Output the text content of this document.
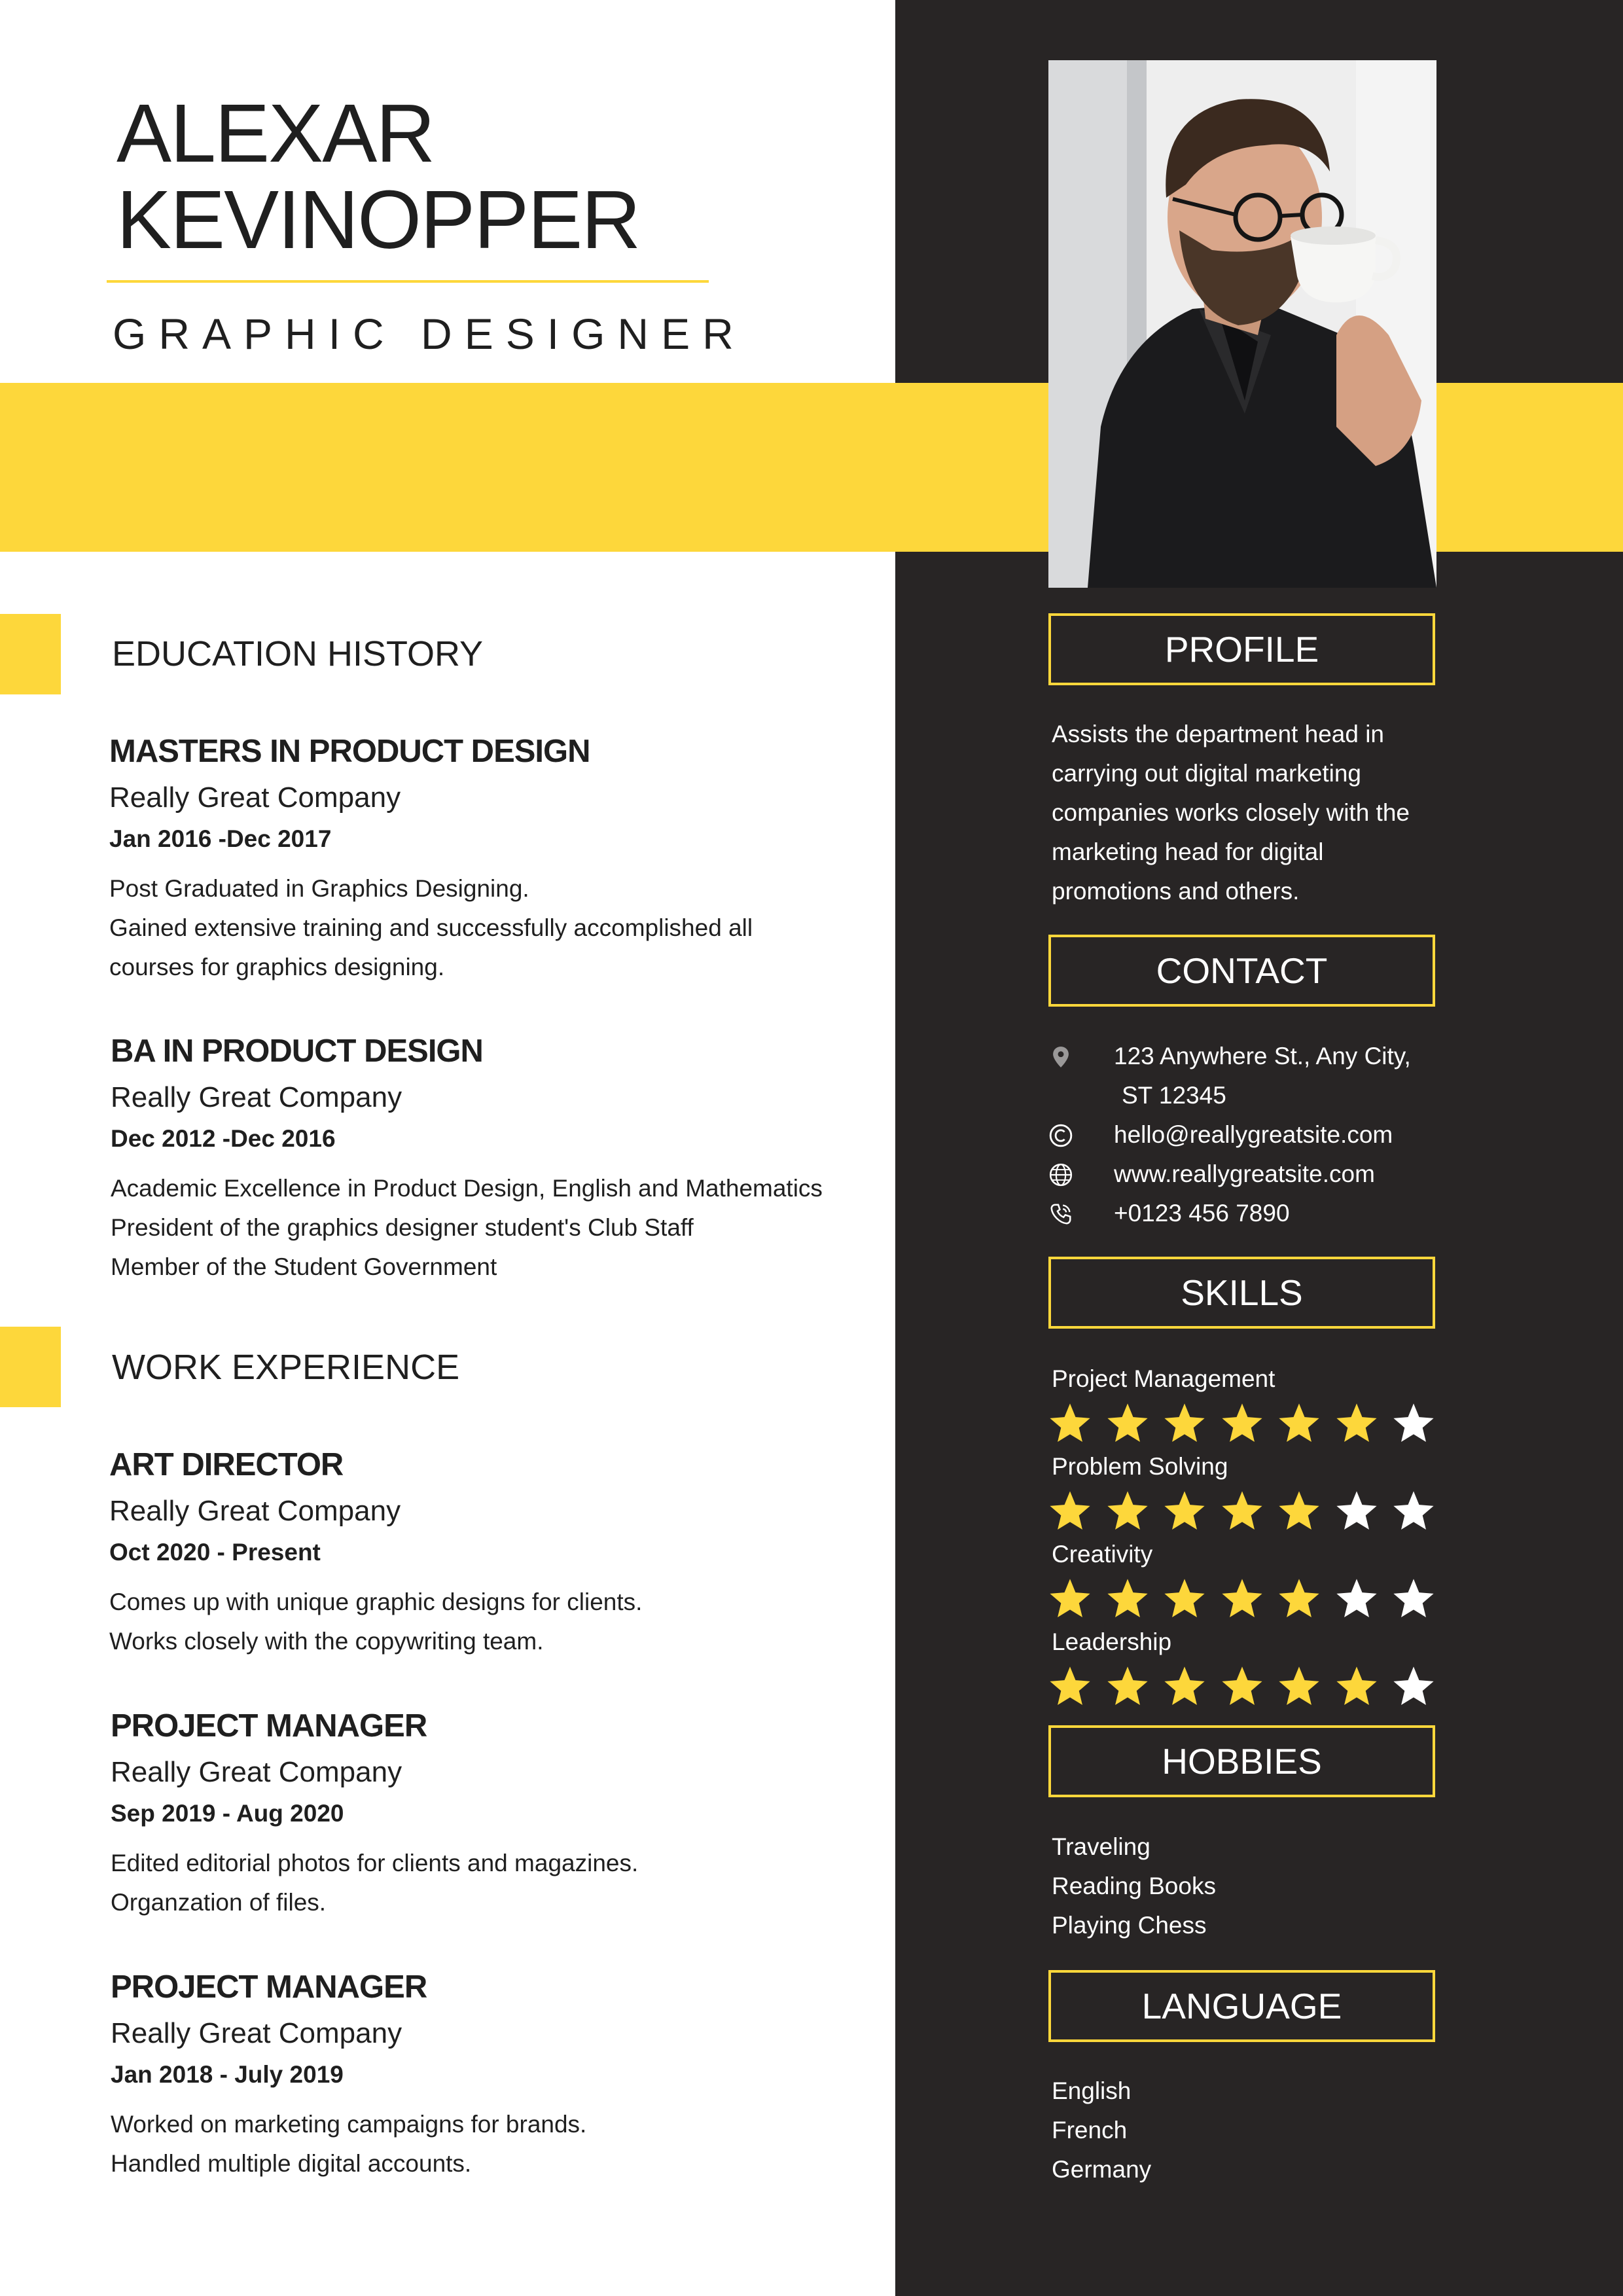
ALEXAR
KEVINOPPER
GRAPHIC DESIGNER
EDUCATION HISTORY
MASTERS IN PRODUCT DESIGN
Really Great Company
Jan 2016 -Dec 2017
Post Graduated in Graphics Designing.
Gained extensive training and successfully accomplished all
courses for graphics designing.
BA IN PRODUCT DESIGN
Really Great Company
Dec 2012 -Dec 2016
Academic Excellence in Product Design, English and Mathematics
President of the graphics designer student's Club Staff
Member of the Student Government
WORK EXPERIENCE
ART DIRECTOR
Really Great Company
Oct 2020 - Present
Comes up with unique graphic designs for clients.
Works closely with the copywriting team.
PROJECT MANAGER
Really Great Company
Sep 2019 - Aug 2020
Edited editorial photos for clients and magazines.
Organzation of files.
PROJECT MANAGER
Really Great Company
Jan 2018 - July 2019
Worked on marketing campaigns for brands.
Handled multiple digital accounts.
PROFILE
Assists the department head in
carrying out digital marketing
companies works closely with the
marketing head for digital
promotions and others.
CONTACT
123 Anywhere St., Any City,
ST 12345
hello@reallygreatsite.com
www.reallygreatsite.com
+0123 456 7890
SKILLS
Project Management
Problem Solving
Creativity
Leadership
HOBBIES
Traveling
Reading Books
Playing Chess
LANGUAGE
English
French
Germany
